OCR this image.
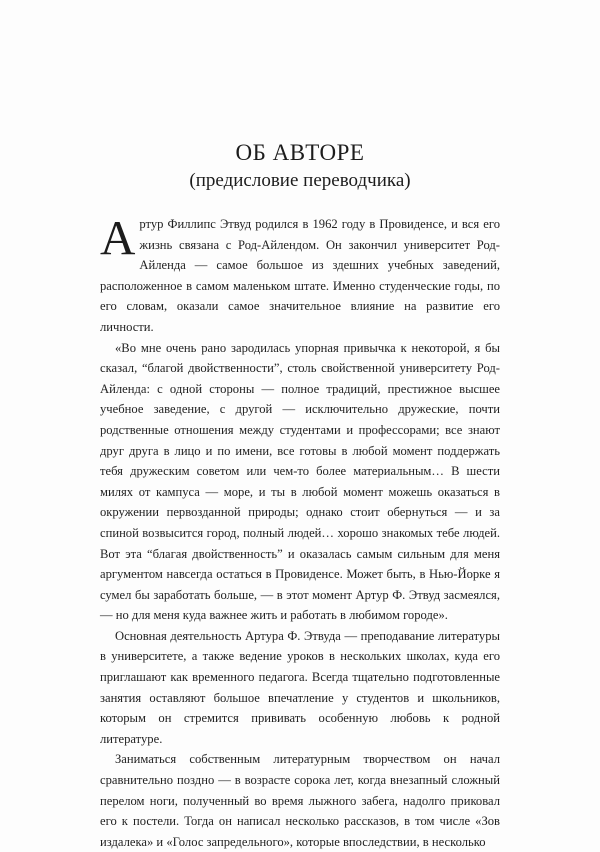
ОБ АВТОРЕ
(предисловие переводчика)

Артур Филлипс Этвуд родился в 1962 году в Провиденсе, и вся его жизнь связана с Род-Айлендом. Он закончил университет Род-Айленда — самое большое из здешних учебных заведений, расположенное в самом маленьком штате. Именно студенческие годы, по его словам, оказали самое значительное влияние на развитие его личности.

«Во мне очень рано зародилась упорная привычка к некоторой, я бы сказал, “благой двойственности”, столь свойственной университету Род-Айленда: с одной стороны — полное традиций, престижное высшее учебное заведение, с другой — исключительно дружеские, почти родственные отношения между студентами и профессорами; все знают друг друга в лицо и по имени, все готовы в любой момент поддержать тебя дружеским советом или чем-то более материальным… В шести милях от кампуса — море, и ты в любой момент можешь оказаться в окружении первозданной природы; однако стоит обернуться — и за спиной возвысится город, полный людей… хорошо знакомых тебе людей. Вот эта “благая двойственность” и оказалась самым сильным для меня аргументом навсегда остаться в Провиденсе. Может быть, в Нью-Йорке я сумел бы заработать больше, — в этот момент Артур Ф. Этвуд засмеялся, — но для меня куда важнее жить и работать в любимом городе».

Основная деятельность Артура Ф. Этвуда — преподавание литературы в университете, а также ведение уроков в нескольких школах, куда его приглашают как временного педагога. Всегда тщательно подготовленные занятия оставляют большое впечатление у студентов и школьников, которым он стремится прививать особенную любовь к родной литературе.

Заниматься собственным литературным творчеством он начал сравнительно поздно — в возрасте сорока лет, когда внезапный сложный перелом ноги, полученный во время лыжного забега, надолго приковал его к постели. Тогда он написал несколько рассказов, в том числе «Зов издалека» и «Голос запредельного», которые впоследствии, в несколько
